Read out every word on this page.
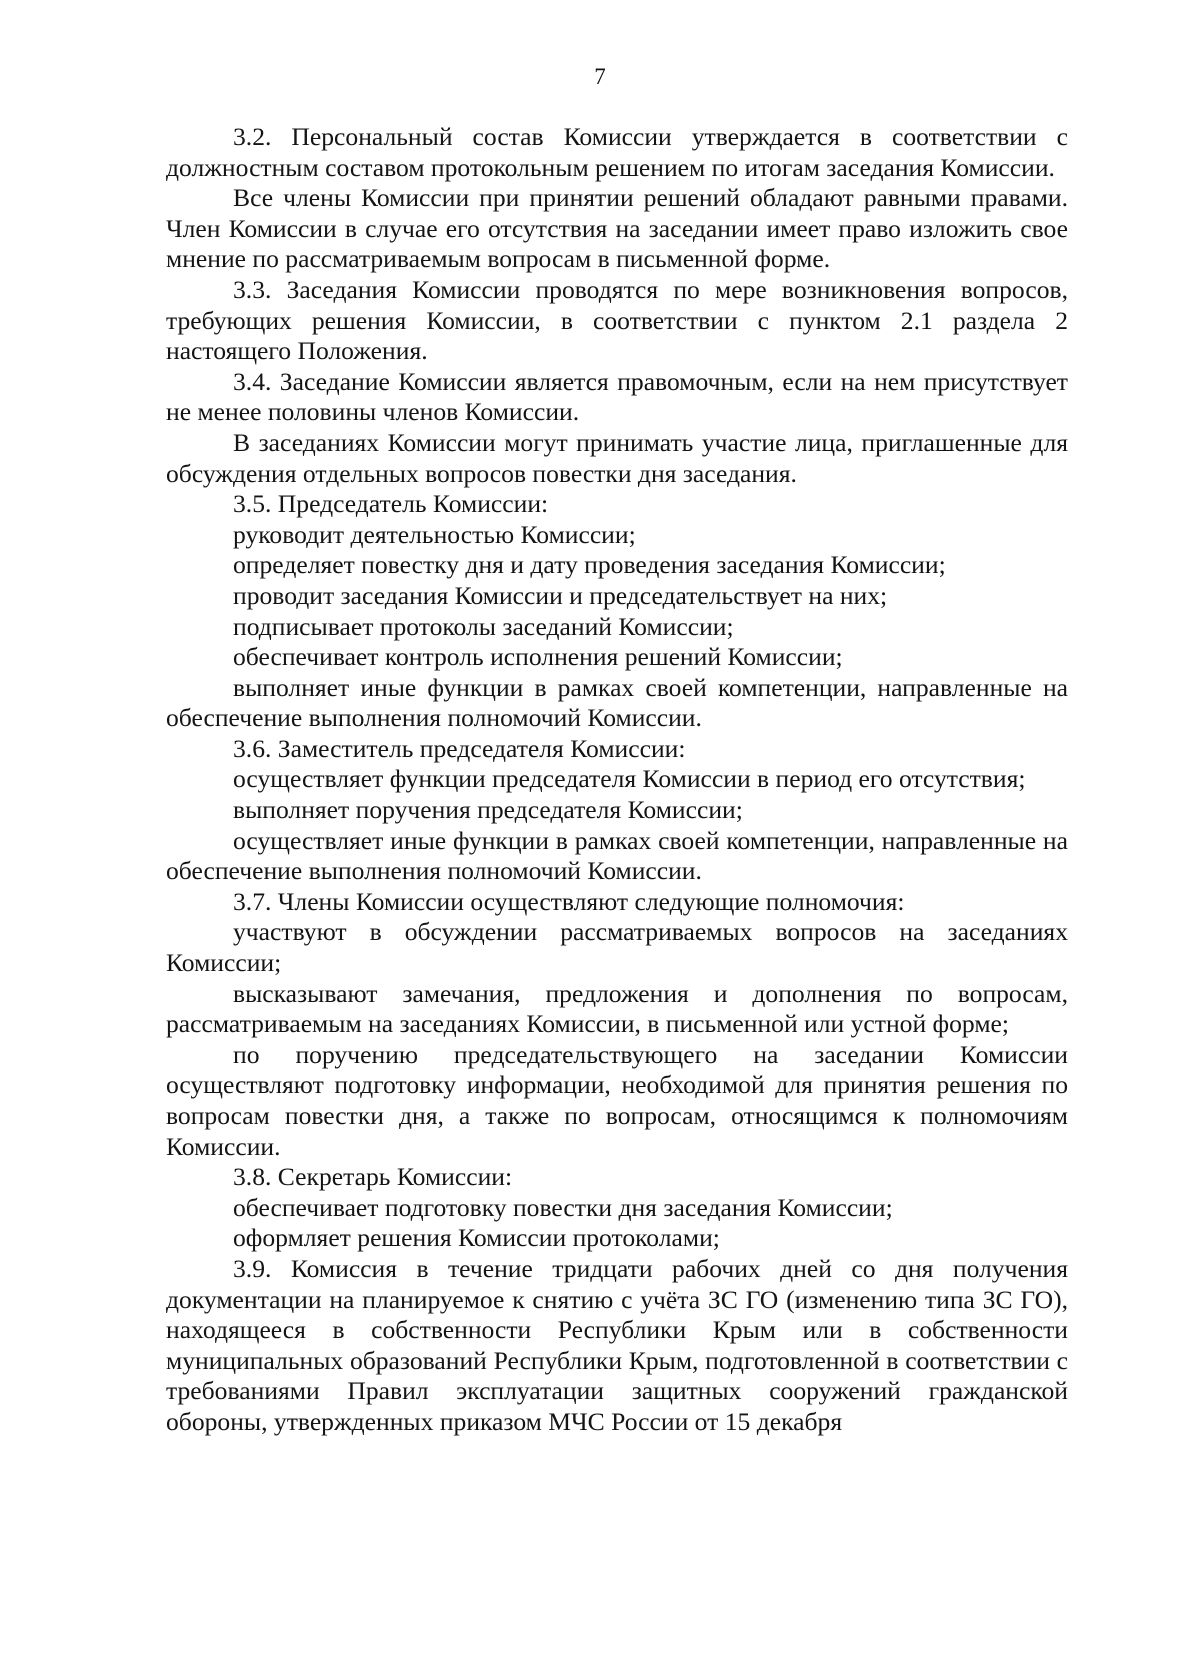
7

3.2. Персональный состав Комиссии утверждается в соответствии с должностным составом протокольным решением по итогам заседания Комиссии.

Все члены Комиссии при принятии решений обладают равными правами. Член Комиссии в случае его отсутствия на заседании имеет право изложить свое мнение по рассматриваемым вопросам в письменной форме.

3.3. Заседания Комиссии проводятся по мере возникновения вопросов, требующих решения Комиссии, в соответствии с пунктом 2.1 раздела 2 настоящего Положения.

3.4. Заседание Комиссии является правомочным, если на нем присутствует не менее половины членов Комиссии.

В заседаниях Комиссии могут принимать участие лица, приглашенные для обсуждения отдельных вопросов повестки дня заседания.

3.5. Председатель Комиссии:

руководит деятельностью Комиссии;

определяет повестку дня и дату проведения заседания Комиссии;

проводит заседания Комиссии и председательствует на них;

подписывает протоколы заседаний Комиссии;

обеспечивает контроль исполнения решений Комиссии;

выполняет иные функции в рамках своей компетенции, направленные на обеспечение выполнения полномочий Комиссии.

3.6. Заместитель председателя Комиссии:

осуществляет функции председателя Комиссии в период его отсутствия;

выполняет поручения председателя Комиссии;

осуществляет иные функции в рамках своей компетенции, направленные на обеспечение выполнения полномочий Комиссии.

3.7. Члены Комиссии осуществляют следующие полномочия:

участвуют в обсуждении рассматриваемых вопросов на заседаниях Комиссии;

высказывают замечания, предложения и дополнения по вопросам, рассматриваемым на заседаниях Комиссии, в письменной или устной форме;

по поручению председательствующего на заседании Комиссии осуществляют подготовку информации, необходимой для принятия решения по вопросам повестки дня, а также по вопросам, относящимся к полномочиям Комиссии.

3.8. Секретарь Комиссии:

обеспечивает подготовку повестки дня заседания Комиссии;

оформляет решения Комиссии протоколами;

3.9. Комиссия в течение тридцати рабочих дней со дня получения документации на планируемое к снятию с учёта ЗС ГО (изменению типа ЗС ГО), находящееся в собственности Республики Крым или в собственности муниципальных образований Республики Крым, подготовленной в соответствии с требованиями Правил эксплуатации защитных сооружений гражданской обороны, утвержденных приказом МЧС России от 15 декабря
